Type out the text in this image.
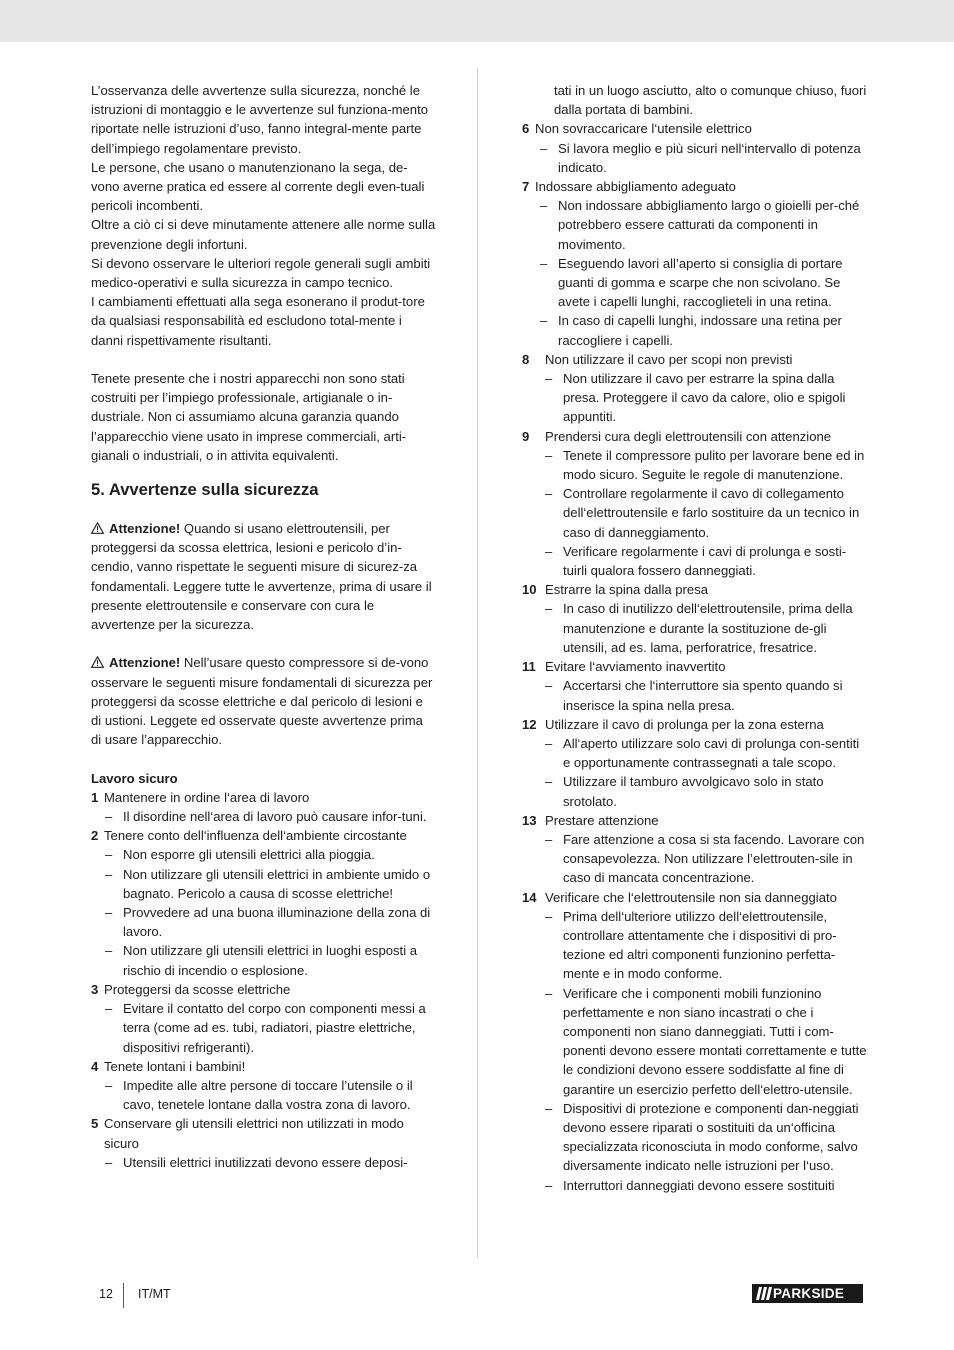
L’osservanza delle avvertenze sulla sicurezza, nonché le istruzioni di montaggio e le avvertenze sul funziona-mento riportate nelle istruzioni d’uso, fanno integral-mente parte dell’impiego regolamentare previsto.

Le persone, che usano o manutenzionano la sega, de-vono averne pratica ed essere al corrente degli even-tuali pericoli incombenti.

Oltre a ciò ci si deve minutamente attenere alle norme sulla prevenzione degli infortuni.

Si devono osservare le ulteriori regole generali sugli ambiti medico-operativi e sulla sicurezza in campo tecnico.

I cambiamenti effettuati alla sega esonerano il produt-tore da qualsiasi responsabilità ed escludono total-mente i danni rispettivamente risultanti.

Tenete presente che i nostri apparecchi non sono stati costruiti per l’impiego professionale, artigianale o in-dustriale. Non ci assumiamo alcuna garanzia quando l’apparecchio viene usato in imprese commerciali, arti-gianali o industriali, o in attivita equivalenti.

5. Avvertenze sulla sicurezza

Attenzione! Quando si usano elettroutensili, per proteggersi da scossa elettrica, lesioni e pericolo d’in-cendio, vanno rispettate le seguenti misure di sicurez-za fondamentali. Leggere tutte le avvertenze, prima di usare il presente elettroutensile e conservare con cura le avvertenze per la sicurezza.

Attenzione! Nell’usare questo compressore si de-vono osservare le seguenti misure fondamentali di sicurezza per proteggersi da scosse elettriche e dal pericolo di lesioni e di ustioni. Leggete ed osservate queste avvertenze prima di usare l’apparecchio.

Lavoro sicuro

1 Mantenere in ordine l‘area di lavoro
– Il disordine nell‘area di lavoro può causare infor-tuni.
2 Tenere conto dell‘influenza dell‘ambiente circostante
– Non esporre gli utensili elettrici alla pioggia.
– Non utilizzare gli utensili elettrici in ambiente umido o bagnato. Pericolo a causa di scosse elettriche!
– Provvedere ad una buona illuminazione della zona di lavoro.
– Non utilizzare gli utensili elettrici in luoghi esposti a rischio di incendio o esplosione.
3 Proteggersi da scosse elettriche
– Evitare il contatto del corpo con componenti messi a terra (come ad es. tubi, radiatori, piastre elettriche, dispositivi refrigeranti).
4 Tenete lontani i bambini!
– Impedite alle altre persone di toccare l’utensile o il cavo, tenetele lontane dalla vostra zona di lavoro.
5 Conservare gli utensili elettrici non utilizzati in modo sicuro
– Utensili elettrici inutilizzati devono essere deposi-

tati in un luogo asciutto, alto o comunque chiuso, fuori dalla portata di bambini.

6 Non sovraccaricare l‘utensile elettrico
– Si lavora meglio e più sicuri nell‘intervallo di potenza indicato.
7 Indossare abbigliamento adeguato
– Non indossare abbigliamento largo o gioielli per-ché potrebbero essere catturati da componenti in movimento.
– Eseguendo lavori all’aperto si consiglia di portare guanti di gomma e scarpe che non scivolano. Se avete i capelli lunghi, raccoglieteli in una retina.
– In caso di capelli lunghi, indossare una retina per raccogliere i capelli.
8	Non utilizzare il cavo per scopi non previsti
– Non utilizzare il cavo per estrarre la spina dalla presa. Proteggere il cavo da calore, olio e spigoli appuntiti.
9	Prendersi cura degli elettroutensili con attenzione
– Tenete il compressore pulito per lavorare bene ed in modo sicuro. Seguite le regole di manutenzione.
– Controllare regolarmente il cavo di collegamento dell‘elettroutensile e farlo sostituire da un tecnico in caso di danneggiamento.
– Verificare regolarmente i cavi di prolunga e sosti-tuirli qualora fossero danneggiati.
10 Estrarre la spina dalla presa
– In caso di inutilizzo dell‘elettroutensile, prima della manutenzione e durante la sostituzione de-gli utensili, ad es. lama, perforatrice, fresatrice.
11 Evitare l‘avviamento inavvertito
– Accertarsi che l‘interruttore sia spento quando si inserisce la spina nella presa.
12 Utilizzare il cavo di prolunga per la zona esterna
– All‘aperto utilizzare solo cavi di prolunga con-sentiti e opportunamente contrassegnati a tale scopo.
– Utilizzare il tamburo avvolgicavo solo in stato srotolato.
13 Prestare attenzione
– Fare attenzione a cosa si sta facendo. Lavorare con consapevolezza. Non utilizzare l’elettrouten-sile in caso di mancata concentrazione.
14 Verificare che l‘elettroutensile non sia danneggiato
– Prima dell‘ulteriore utilizzo dell‘elettroutensile, controllare attentamente che i dispositivi di pro-tezione ed altri componenti funzionino perfetta-mente e in modo conforme.
– Verificare che i componenti mobili funzionino perfettamente e non siano incastrati o che i componenti non siano danneggiati. Tutti i com-ponenti devono essere montati correttamente e tutte le condizioni devono essere soddisfatte al fine di garantire un esercizio perfetto dell‘elettro-utensile.
– Dispositivi di protezione e componenti dan-neggiati devono essere riparati o sostituiti da un‘officina specializzata riconosciuta in modo conforme, salvo diversamente indicato nelle istruzioni per l‘uso.
– Interruttori danneggiati devono essere sostituiti
12 IT/MT	PARKSIDE
